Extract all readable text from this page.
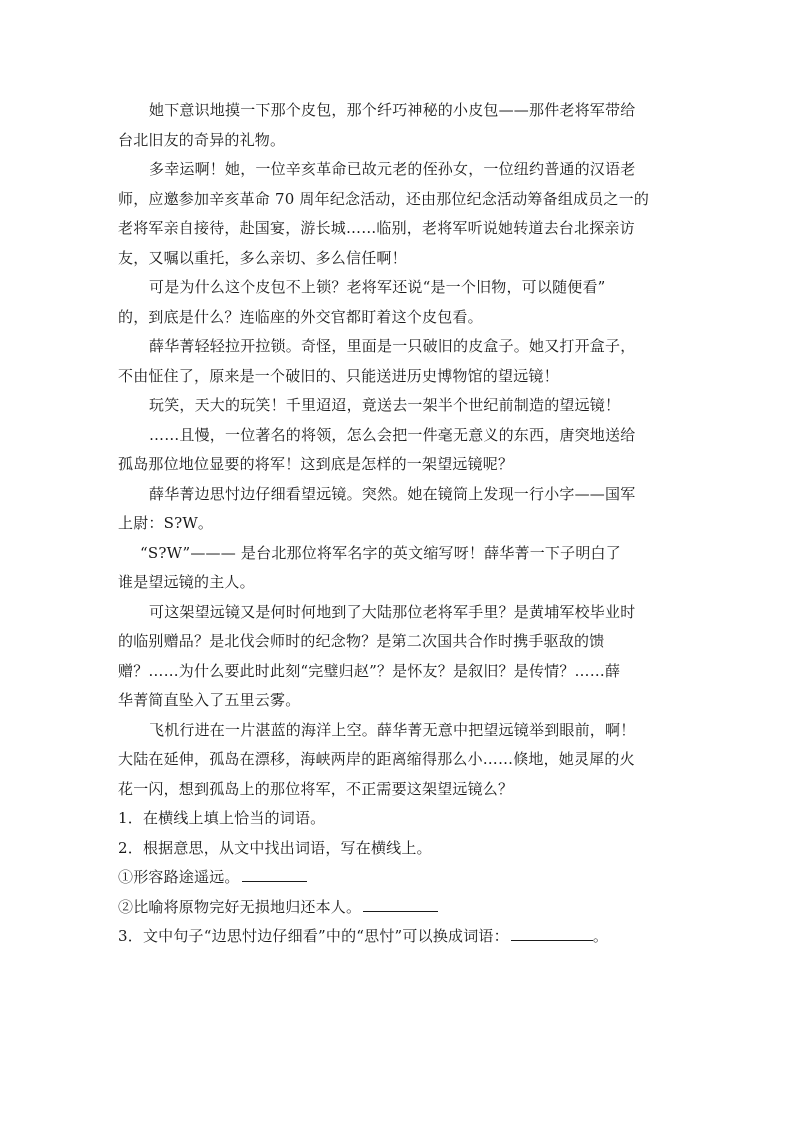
她下意识地摸一下那个皮包，那个纤巧神秘的小皮包——那件老将军带给
台北旧友的奇异的礼物。
多幸运啊！她，一位辛亥革命已故元老的侄孙女，一位纽约普通的汉语老
师，应邀参加辛亥革命 70 周年纪念活动，还由那位纪念活动筹备组成员之一的
老将军亲自接待，赴国宴，游长城……临别，老将军听说她转道去台北探亲访
友，又嘱以重托，多么亲切、多么信任啊！
可是为什么这个皮包不上锁？老将军还说“是一个旧物，可以随便看”
的，到底是什么？连临座的外交官都盯着这个皮包看。
薛华菁轻轻拉开拉锁。奇怪，里面是一只破旧的皮盒子。她又打开盒子，
不由怔住了，原来是一个破旧的、只能送进历史博物馆的望远镜！
玩笑，天大的玩笑！千里迢迢，竟送去一架半个世纪前制造的望远镜！
……且慢，一位著名的将领，怎么会把一件毫无意义的东西，唐突地送给
孤岛那位地位显要的将军！这到底是怎样的一架望远镜呢？
薛华菁边思忖边仔细看望远镜。突然。她在镜筒上发现一行小字——国军
上尉：S?W。
“S?W”——— 是台北那位将军名字的英文缩写呀！薛华菁一下子明白了
谁是望远镜的主人。
可这架望远镜又是何时何地到了大陆那位老将军手里？是黄埔军校毕业时
的临别赠品？是北伐会师时的纪念物？是第二次国共合作时携手驱敌的馈
赠？……为什么要此时此刻“完璧归赵”？是怀友？是叙旧？是传情？……薛
华菁简直坠入了五里云雾。
飞机行进在一片湛蓝的海洋上空。薛华菁无意中把望远镜举到眼前，啊！
大陆在延伸，孤岛在漂移，海峡两岸的距离缩得那么小……倏地，她灵犀的火
花一闪，想到孤岛上的那位将军，不正需要这架望远镜么？
1．在横线上填上恰当的词语。
2．根据意思，从文中找出词语，写在横线上。
①形容路途遥远。
②比喻将原物完好无损地归还本人。
3．文中句子“边思忖边仔细看”中的“思忖”可以换成词语：	。
